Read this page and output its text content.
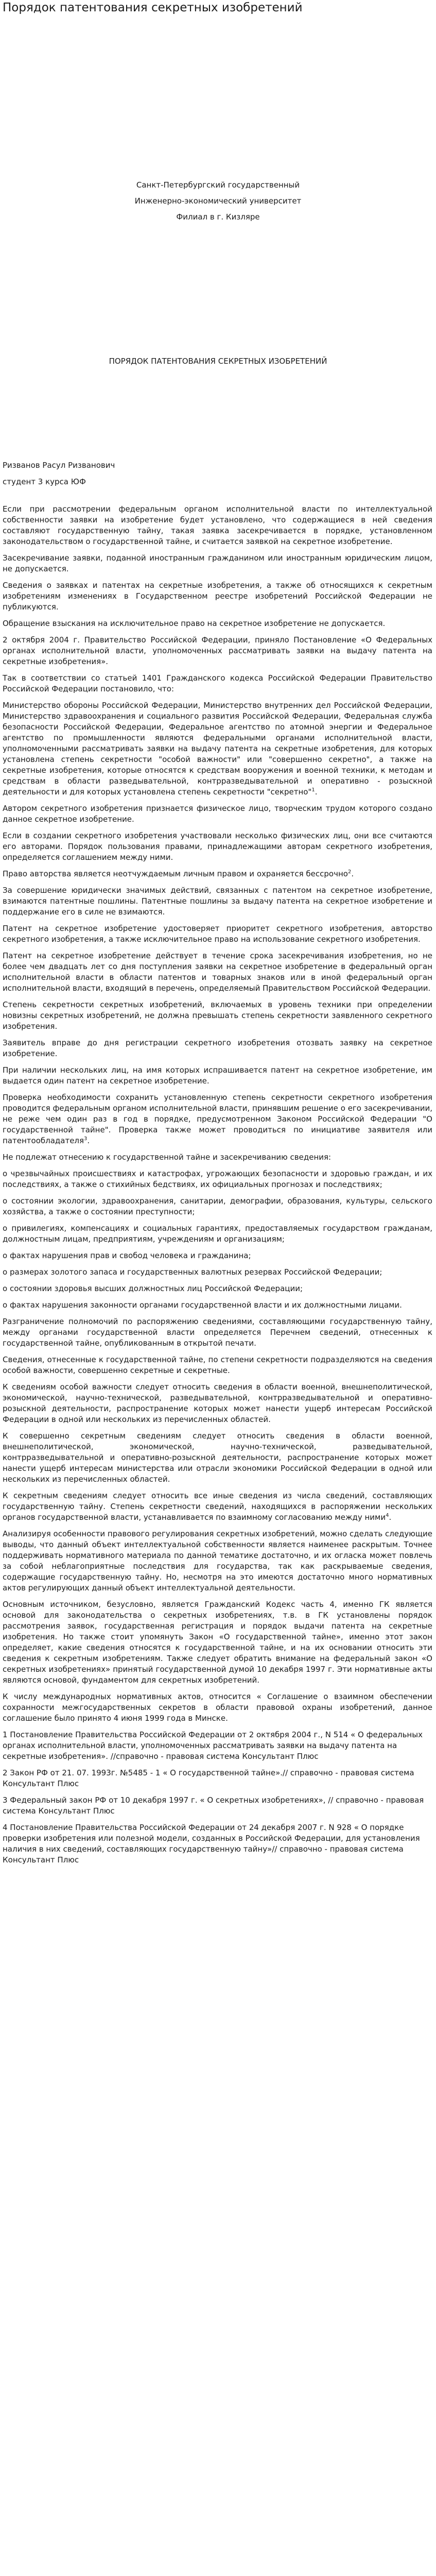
Порядок патентования секретных изобретений
Санкт-Петербургский государственный
Инженерно-экономический университет
Филиал в г. Кизляре
ПОРЯДОК ПАТЕНТОВАНИЯ СЕКРЕТНЫХ ИЗОБРЕТЕНИЙ
Ризванов Расул Ризванович
студент 3 курса ЮФ

Если при рассмотрении федеральным органом исполнительной власти по интеллектуальной собственности заявки на изобретение будет установлено, что содержащиеся в ней сведения составляют государственную тайну, такая заявка засекречивается в порядке, установленном законодательством о государственной тайне, и считается заявкой на секретное изобретение.

Засекречивание заявки, поданной иностранным гражданином или иностранным юридическим лицом, не допускается.

Сведения о заявках и патентах на секретные изобретения, а также об относящихся к секретным изобретениям изменениях в Государственном реестре изобретений Российской Федерации не публикуются.

Обращение взыскания на исключительное право на секретное изобретение не допускается.

2 октября 2004 г. Правительство Российской Федерации, приняло Постановление «О Федеральных органах исполнительной власти, уполномоченных рассматривать заявки на выдачу патента на секретные изобретения».

Так в соответствии со статьей 1401 Гражданского кодекса Российской Федерации Правительство Российской Федерации постановило, что:

Министерство обороны Российской Федерации, Министерство внутренних дел Российской Федерации, Министерство здравоохранения и социального развития Российской Федерации, Федеральная служба безопасности Российской Федерации, Федеральное агентство по атомной энергии и Федеральное агентство по промышленности являются федеральными органами исполнительной власти, уполномоченными рассматривать заявки на выдачу патента на секретные изобретения, для которых установлена степень секретности "особой важности" или "совершенно секретно", а также на секретные изобретения, которые относятся к средствам вооружения и военной техники, к методам и средствам в области разведывательной, контрразведывательной и оперативно - розыскной деятельности и для которых установлена степень секретности "секретно"$^1$.

Автором секретного изобретения признается физическое лицо, творческим трудом которого создано данное секретное изобретение.

Если в создании секретного изобретения участвовали несколько физических лиц, они все считаются его авторами. Порядок пользования правами, принадлежащими авторам секретного изобретения, определяется соглашением между ними.

Право авторства является неотчуждаемым личным правом и охраняется бессрочно$^2$.

За совершение юридически значимых действий, связанных с патентом на секретное изобретение, взимаются патентные пошлины. Патентные пошлины за выдачу патента на секретное изобретение и поддержание его в силе не взимаются.

Патент на секретное изобретение удостоверяет приоритет секретного изобретения, авторство секретного изобретения, а также исключительное право на использование секретного изобретения.

Патент на секретное изобретение действует в течение срока засекречивания изобретения, но не более чем двадцать лет со дня поступления заявки на секретное изобретение в федеральный орган исполнительной власти в области патентов и товарных знаков или в иной федеральный орган исполнительной власти, входящий в перечень, определяемый Правительством Российской Федерации.

Степень секретности секретных изобретений, включаемых в уровень техники при определении новизны секретных изобретений, не должна превышать степень секретности заявленного секретного изобретения.

Заявитель вправе до дня регистрации секретного изобретения отозвать заявку на секретное изобретение.

При наличии нескольких лиц, на имя которых испрашивается патент на секретное изобретение, им выдается один патент на секретное изобретение.

Проверка необходимости сохранить установленную степень секретности секретного изобретения проводится федеральным органом исполнительной власти, принявшим решение о его засекречивании, не реже чем один раз в год в порядке, предусмотренном Законом Российской Федерации "О государственной тайне". Проверка также может проводиться по инициативе заявителя или патентообладателя$^3$.

Не подлежат отнесению к государственной тайне и засекречиванию сведения:

о чрезвычайных происшествиях и катастрофах, угрожающих безопасности и здоровью граждан, и их последствиях, а также о стихийных бедствиях, их официальных прогнозах и последствиях;

о состоянии экологии, здравоохранения, санитарии, демографии, образования, культуры, сельского хозяйства, а также о состоянии преступности;

о привилегиях, компенсациях и социальных гарантиях, предоставляемых государством гражданам, должностным лицам, предприятиям, учреждениям и организациям;

о фактах нарушения прав и свобод человека и гражданина;

о размерах золотого запаса и государственных валютных резервах Российской Федерации;

о состоянии здоровья высших должностных лиц Российской Федерации;

о фактах нарушения законности органами государственной власти и их должностными лицами.

Разграничение полномочий по распоряжению сведениями, составляющими государственную тайну, между органами государственной власти определяется Перечнем сведений, отнесенных к государственной тайне, опубликованным в открытой печати.

Сведения, отнесенные к государственной тайне, по степени секретности подразделяются на сведения особой важности, совершенно секретные и секретные.

К сведениям особой важности следует относить сведения в области военной, внешнеполитической, экономической, научно-технической, разведывательной, контрразведывательной и оперативно-розыскной деятельности, распространение которых может нанести ущерб интересам Российской Федерации в одной или нескольких из перечисленных областей.

К совершенно секретным сведениям следует относить сведения в области военной, внешнеполитической, экономической, научно-технической, разведывательной, контрразведывательной и оперативно-розыскной деятельности, распространение которых может нанести ущерб интересам министерства или отрасли экономики Российской Федерации в одной или нескольких из перечисленных областей.

К секретным сведениям следует относить все иные сведения из числа сведений, составляющих государственную тайну. Степень секретности сведений, находящихся в распоряжении нескольких органов государственной власти, устанавливается по взаимному согласованию между ними$^4$.

Анализируя особенности правового регулирования секретных изобретений, можно сделать следующие выводы, что данный объект интеллектуальной собственности является наименее раскрытым. Точнее поддерживать нормативного материала по данной тематике достаточно, и их огласка может повлечь за собой неблагоприятные последствия для государства, так как раскрываемые сведения, содержащие государственную тайну. Но, несмотря на это имеются достаточно много нормативных актов регулирующих данный объект интеллектуальной деятельности.

Основным источником, безусловно, является Гражданский Кодекс часть 4, именно ГК является основой для законодательства о секретных изобретениях, т.в. в ГК установлены порядок рассмотрения заявок, государственная регистрация и порядок выдачи патента на секретные изобретения. Но также стоит упомянуть Закон «О государственной тайне», именно этот закон определяет, какие сведения относятся к государственной тайне, и на их основании относить эти сведения к секретным изобретениям. Также следует обратить внимание на федеральный закон «О секретных изобретениях» принятый государственной думой 10 декабря 1997 г. Эти нормативные акты являются основой, фундаментом для секретных изобретений.

К числу международных нормативных актов, относится « Соглашение о взаимном обеспечении сохранности межгосударственных секретов в области правовой охраны изобретений, данное соглашение было принято 4 июня 1999 года в Минске.

1 Постановление Правительства Российской Федерации от 2 октября 2004 г., N 514 « О федеральных органах исполнительной власти, уполномоченных рассматривать заявки на выдачу патента на секретные изобретения». //справочно - правовая система Консультант Плюс

2 Закон РФ от 21. 07. 1993г. №5485 - 1 « О государственной тайне».// справочно - правовая система Консультант Плюс

3 Федеральный закон РФ от 10 декабря 1997 г. « О секретных изобретениях», // справочно - правовая система Консультант Плюс

4 Постановление Правительства Российской Федерации от 24 декабря 2007 г. N 928 « О порядке проверки изобретения или полезной модели, созданных в Российской Федерации, для установления наличия в них сведений, составляющих государственную тайну»// справочно - правовая система Консультант Плюс
